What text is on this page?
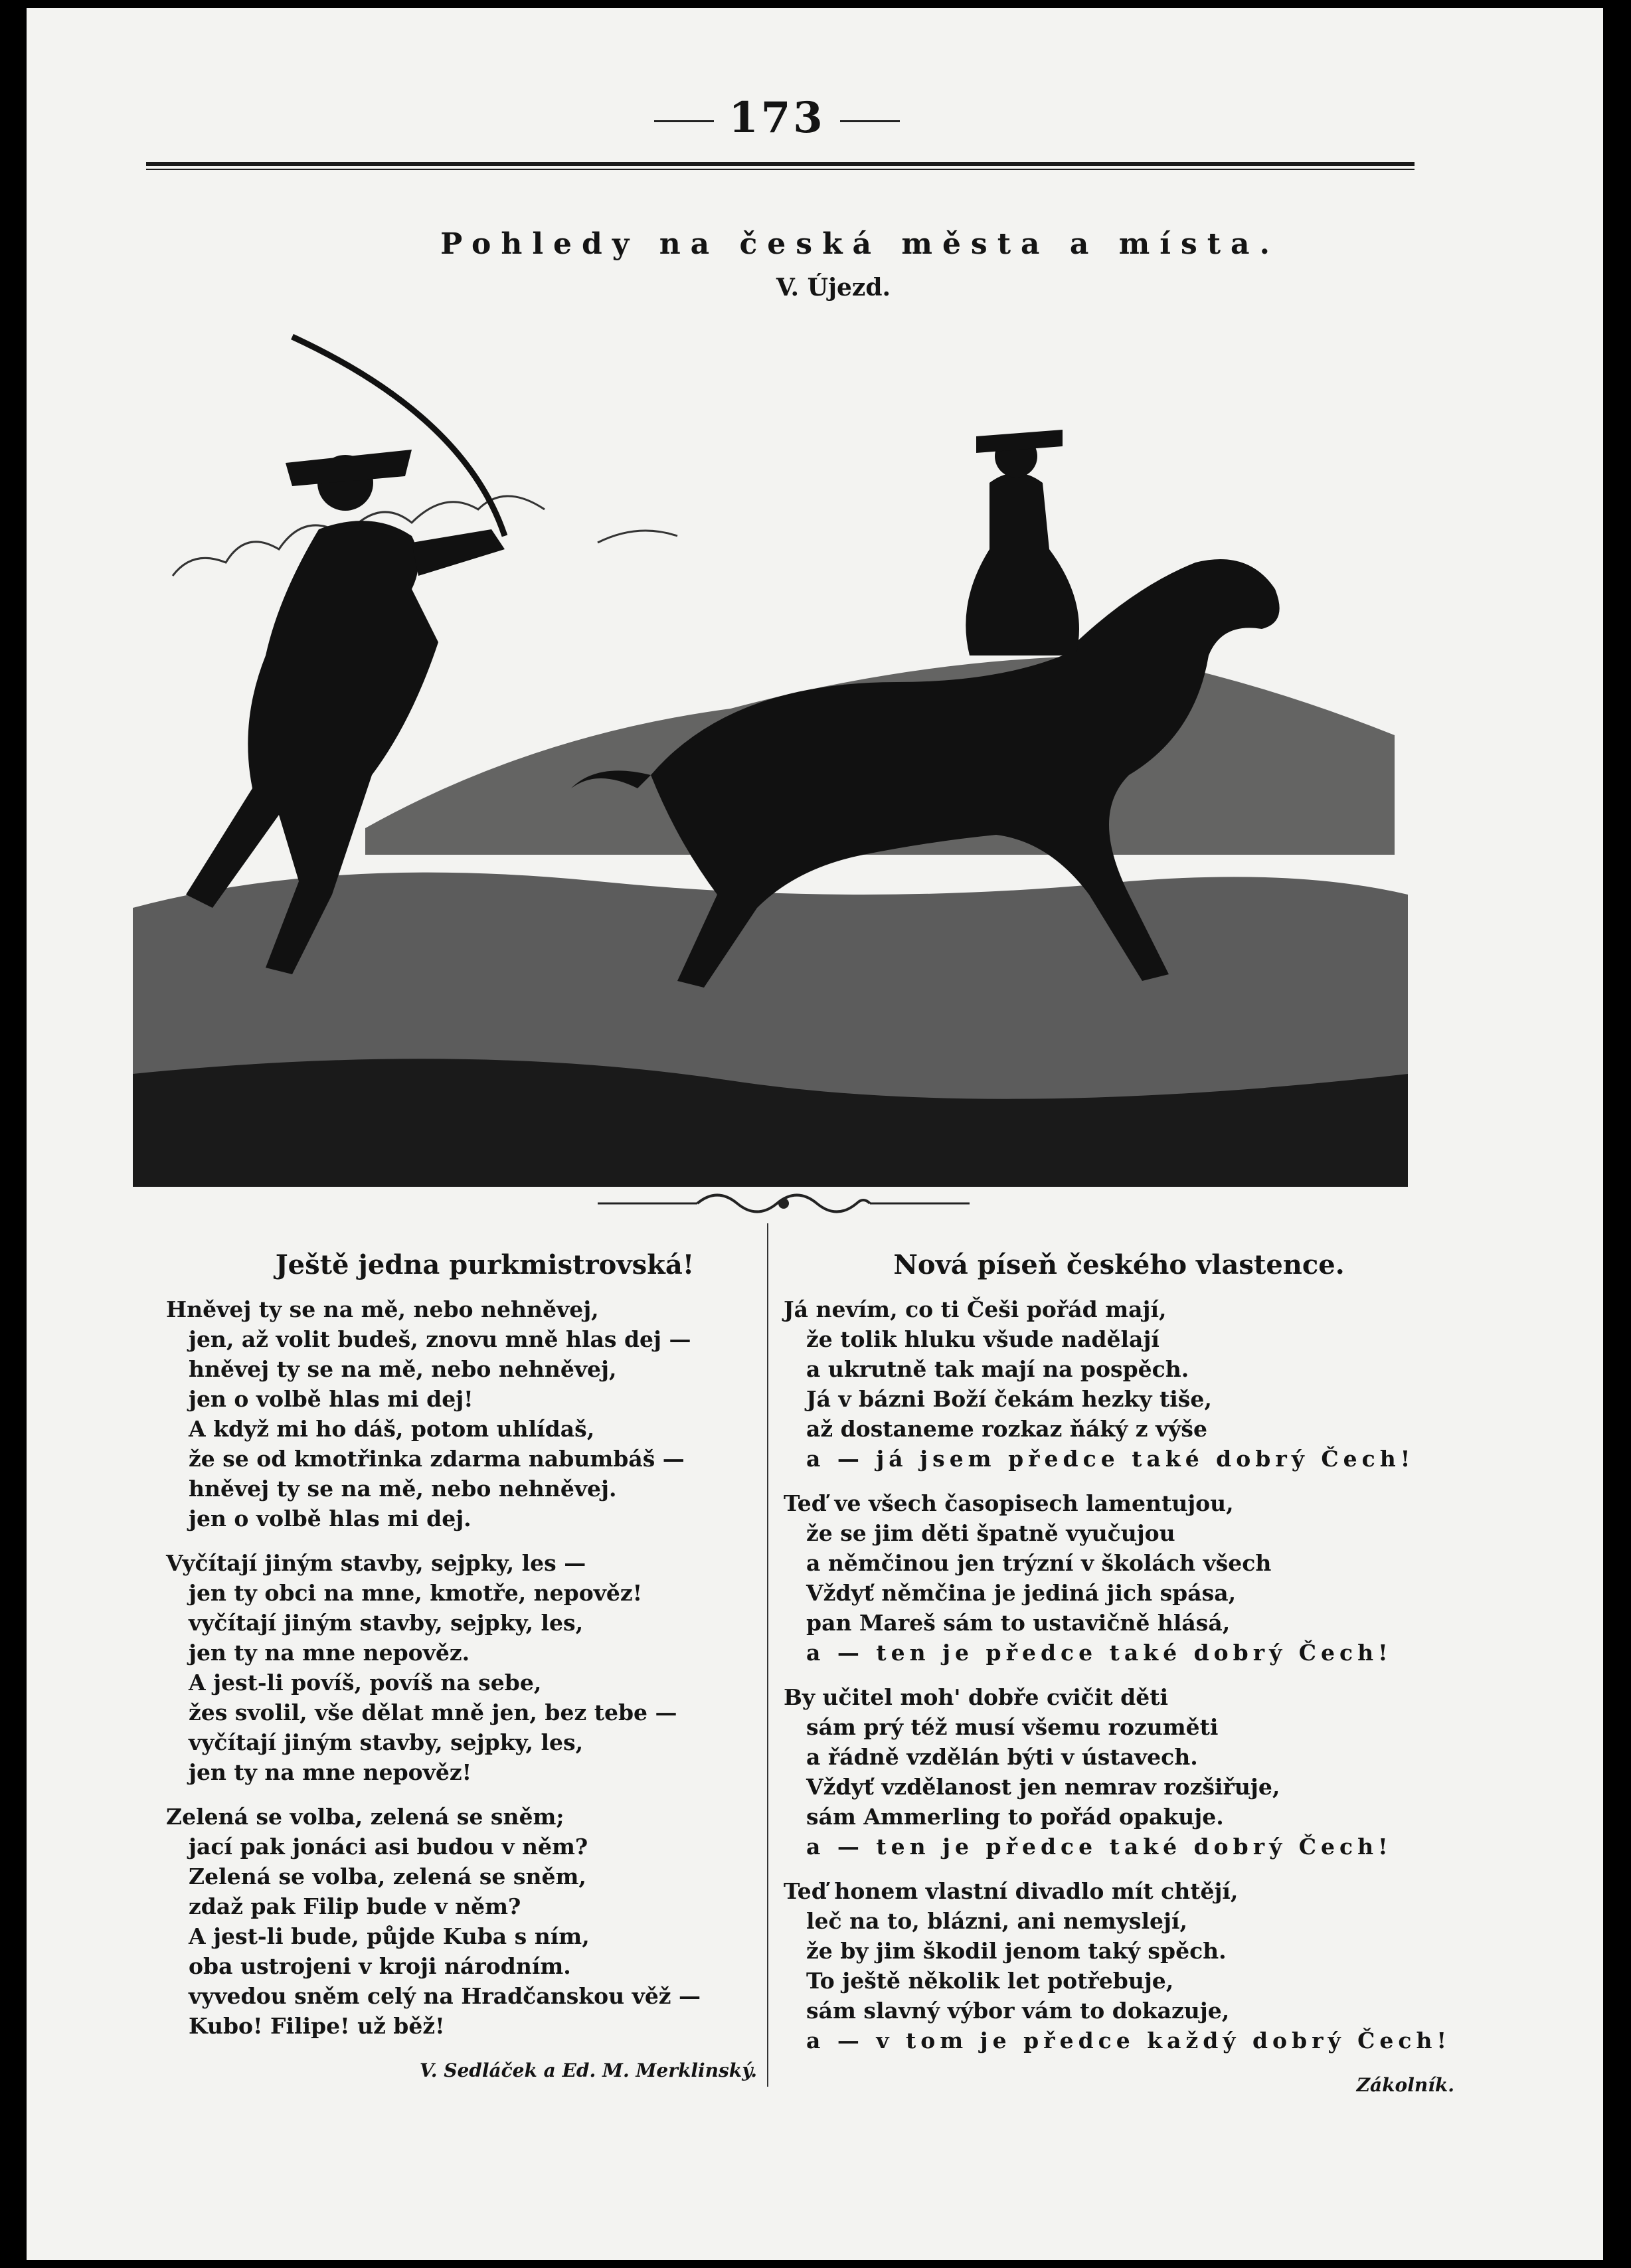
173
Pohledy na česká města a místa.
V. Újezd.
Ještě jedna purkmistrovská!
Hněvej ty se na mě, nebo nehněvej,
jen, až volit budeš, znovu mně hlas dej —
hněvej ty se na mě, nebo nehněvej,
jen o volbě hlas mi dej!
A když mi ho dáš, potom uhlídaš,
že se od kmotřinka zdarma nabumbáš —
hněvej ty se na mě, nebo nehněvej.
jen o volbě hlas mi dej.
Vyčítají jiným stavby, sejpky, les —
jen ty obci na mne, kmotře, nepověz!
vyčítají jiným stavby, sejpky, les,
jen ty na mne nepověz.
A jest-li povíš, povíš na sebe,
žes svolil, vše dělat mně jen, bez tebe —
vyčítají jiným stavby, sejpky, les,
jen ty na mne nepověz!
Zelená se volba, zelená se sněm;
jací pak jonáci asi budou v něm?
Zelená se volba, zelená se sněm,
zdaž pak Filip bude v něm?
A jest-li bude, půjde Kuba s ním,
oba ustrojeni v kroji národním.
vyvedou sněm celý na Hradčanskou věž —
Kubo! Filipe! už běž!
V. Sedláček a Ed. M. Merklinský.
Nová píseň českého vlastence.
Já nevím, co ti Češi pořád mají,
že tolik hluku všude nadělají
a ukrutně tak mají na pospěch.
Já v bázni Boží čekám hezky tiše,
až dostaneme rozkaz ňáký z výše
a — já jsem předce také dobrý Čech!
Teď ve všech časopisech lamentujou,
že se jim děti špatně vyučujou
a němčinou jen trýzní v školách všech
Vždyť němčina je jediná jich spása,
pan Mareš sám to ustavičně hlásá,
a — ten je předce také dobrý Čech!
By učitel moh' dobře cvičit děti
sám prý též musí všemu rozuměti
a řádně vzdělán býti v ústavech.
Vždyť vzdělanost jen nemrav rozšiřuje,
sám Ammerling to pořád opakuje.
a — ten je předce také dobrý Čech!
Teď honem vlastní divadlo mít chtějí,
leč na to, blázni, ani nemyslejí,
že by jim škodil jenom taký spěch.
To ještě několik let potřebuje,
sám slavný výbor vám to dokazuje,
a — v tom je předce každý dobrý Čech!
Zákolník.
